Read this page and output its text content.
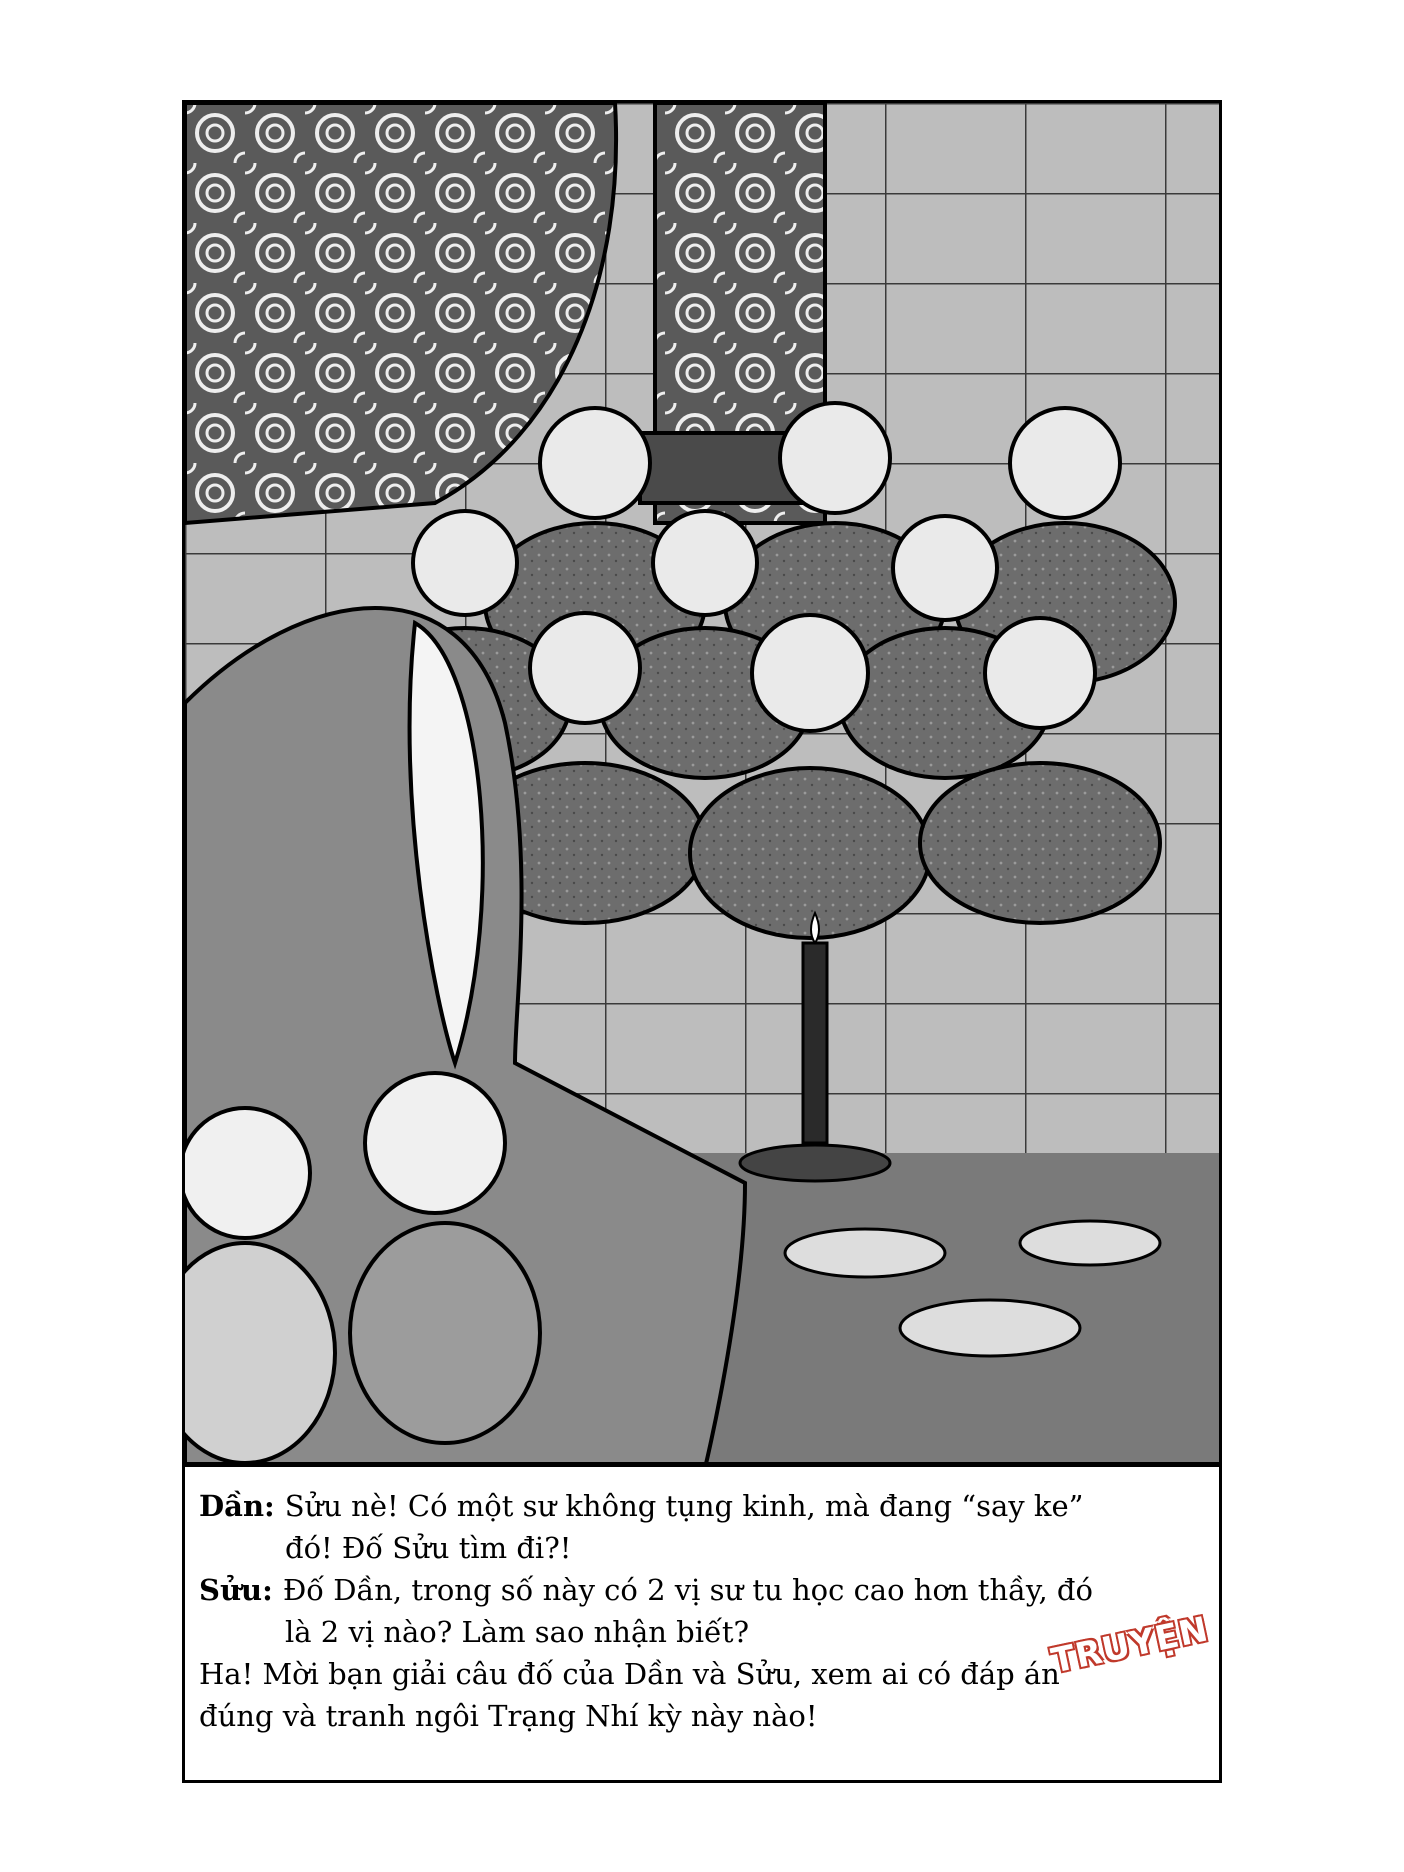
Dần: Sửu nè! Có một sư không tụng kinh, mà đang “say ke”
đó! Đố Sửu tìm đi?!
Sửu: Đố Dần, trong số này có 2 vị sư tu học cao hơn thầy, đó
là 2 vị nào? Làm sao nhận biết?
Ha! Mời bạn giải câu đố của Dần và Sửu, xem ai có đáp án
đúng và tranh ngôi Trạng Nhí kỳ này nào!
TRUYỆN
